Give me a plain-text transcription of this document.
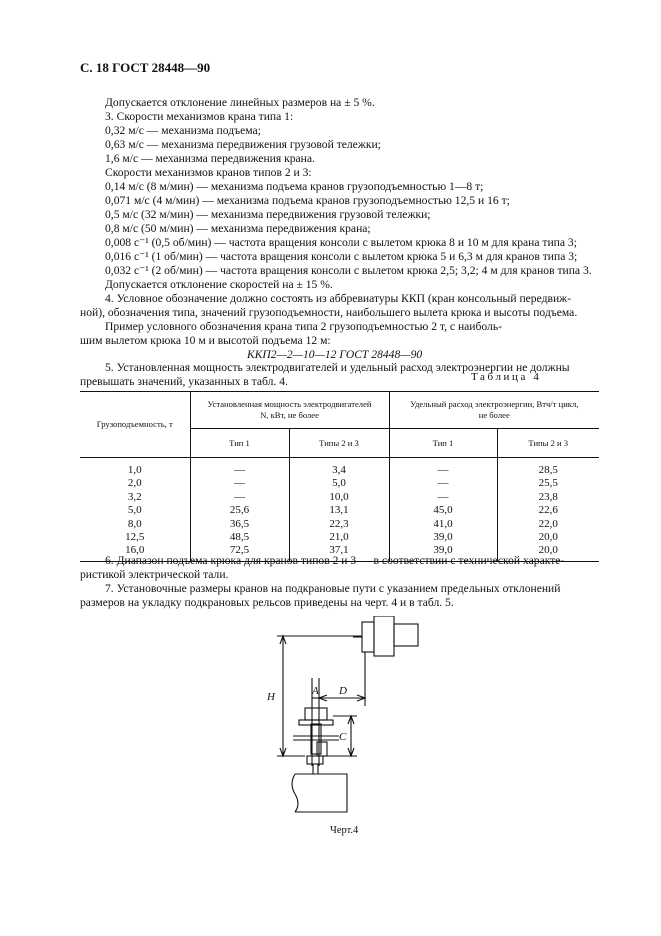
С. 18 ГОСТ 28448—90
Допускается отклонение линейных размеров на ± 5 %.
3. Скорости механизмов крана типа 1:
0,32 м/с — механизма подъема;
0,63 м/с — механизма передвижения грузовой тележки;
1,6 м/с — механизма передвижения крана.
Скорости механизмов кранов типов 2 и 3:
0,14 м/с (8 м/мин) — механизма подъема кранов грузоподъемностью 1—8 т;
0,071 м/с (4 м/мин) — механизма подъема кранов грузоподъемностью 12,5 и 16 т;
0,5 м/с (32 м/мин) — механизма передвижения грузовой тележки;
0,8 м/с (50 м/мин) — механизма передвижения крана;
0,008 с⁻¹ (0,5 об/мин) — частота вращения консоли с вылетом крюка 8 и 10 м для крана типа 3;
0,016 с⁻¹ (1 об/мин) — частота вращения консоли с вылетом крюка 5 и 6,3 м для кранов типа 3;
0,032 с⁻¹ (2 об/мин) — частота вращения консоли с вылетом крюка 2,5; 3,2; 4 м для кранов типа 3.
Допускается отклонение скоростей на ± 15 %.
4. Условное обозначение должно состоять из аббревиатуры ККП (кран консольный передвиж-
ной), обозначения типа, значений грузоподъемности, наибольшего вылета крюка и высоты подъема.
Пример условного обозначения крана типа 2 грузоподъемностью 2 т, с наиболь-
шим вылетом крюка 10 м и высотой подъема 12 м:
ККП2—2—10—12 ГОСТ 28448—90
Таблица 4
Грузоподъемность, т	Установленная мощность электродвигателей N, кВт, не более		Удельный расход электроэнергии, Втч/т цикл, не более	
	Тип 1	Типы 2 и 3	Тип 1	Типы 2 и 3
1,0	—	3,4	—	28,5
2,0	—	5,0	—	25,5
3,2	—	10,0	—	23,8
5,0	25,6	13,1	45,0	22,6
8,0	36,5	22,3	41,0	22,0
12,5	48,5	21,0	39,0	20,0
16,0	72,5	37,1	39,0	20,0
6. Диапазон подъема крюка для кранов типов 2 и 3 — в соответствии с технической характе-
ристикой электрической тали.
7. Установочные размеры кранов на подкрановые пути с указанием предельных отклонений
размеров на укладку подкрановых рельсов приведены на черт. 4 и в табл. 5.
H	A D
C
Черт.4
5. Установленная мощность электродвигателей и удельный расход электроэнергии не должны
превышать значений, указанных в табл. 4.
